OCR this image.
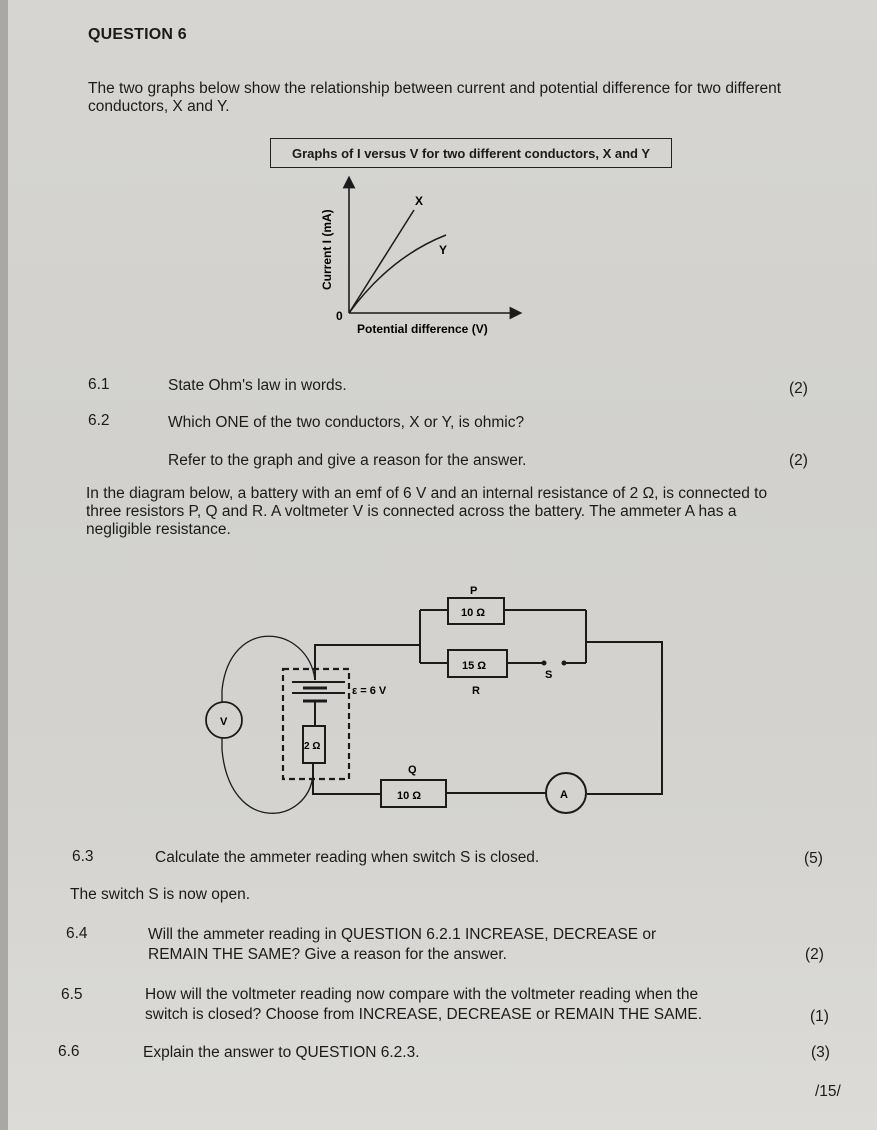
QUESTION 6
The two graphs below show the relationship between current and potential difference for two different conductors, X and Y.
Graphs of I versus V for two different conductors, X and Y
X
Y
0
Current I (mA)
Potential difference (V)
6.1	State Ohm's law in words.	(2)
6.2	Which ONE of the two conductors, X or Y, is ohmic?
Refer to the graph and give a reason for the answer.	(2)
In the diagram below, a battery with an emf of 6 V and an internal resistance of 2 Ω, is connected to three resistors P, Q and R. A voltmeter V is connected across the battery. The ammeter A has a negligible resistance.
P
10 Ω
15 Ω
R
S
Q
10 Ω	A
V
2 Ω
ε = 6 V
6.3	Calculate the ammeter reading when switch S is closed.	(5)
The switch S is now open.
6.4	Will the ammeter reading in QUESTION 6.2.1 INCREASE, DECREASE or
REMAIN THE SAME? Give a reason for the answer.	(2)
6.5	How will the voltmeter reading now compare with the voltmeter reading when the
switch is closed? Choose from INCREASE, DECREASE or REMAIN THE SAME.	(1)
6.6	Explain the answer to QUESTION 6.2.3.	(3)
/15/
